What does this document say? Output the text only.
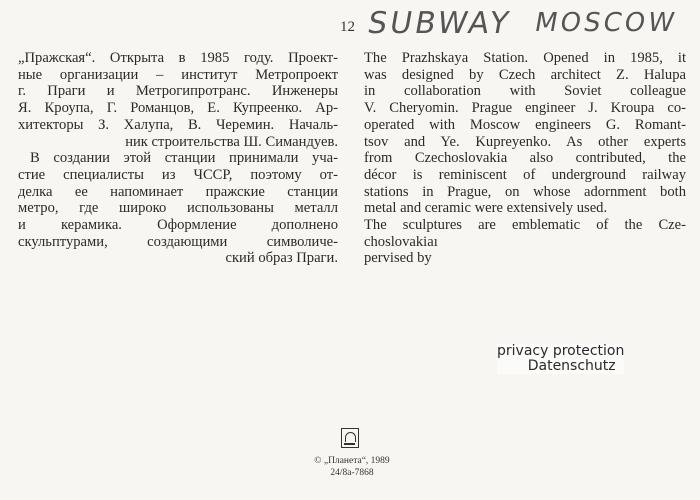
12 SUBWAY MOSCOW
„Пражская“. Открыта в 1985 году. Проект-
ные организации – институт Метропроект
г. Праги и Метрогипротранс. Инженеры
Я. Кроупа, Г. Романцов, Е. Купреенко. Ар-
хитекторы З. Халупа, В. Черемин. Началь-
ник строительства Ш. Симандуев.
В создании этой станции принимали уча-
стие специалисты из ЧССР, поэтому от-
делка ее напоминает пражские станции
метро, где широко использованы металл
и керамика. Оформление дополнено
скульптурами, создающими символиче-
ский образ Праги.
The Prazhskaya Station. Opened in 1985, it
was designed by Czech architect Z. Halupa
in collaboration with Soviet colleague
V. Cheryomin. Prague engineer J. Kroupa co-
operated with Moscow engineers G. Romant-
tsov and Ye. Kupreyenko. As other experts
from Czechoslovakia also contributed, the
décor is reminiscent of underground railway
stations in Prague, on whose adornment both
metal and ceramic were extensively used.
The sculptures are emblematic of the Cze-
choslovakiaı
pervised by
privacy protection
Datenschutz
© „Планета“, 1989
24/8а-7868
